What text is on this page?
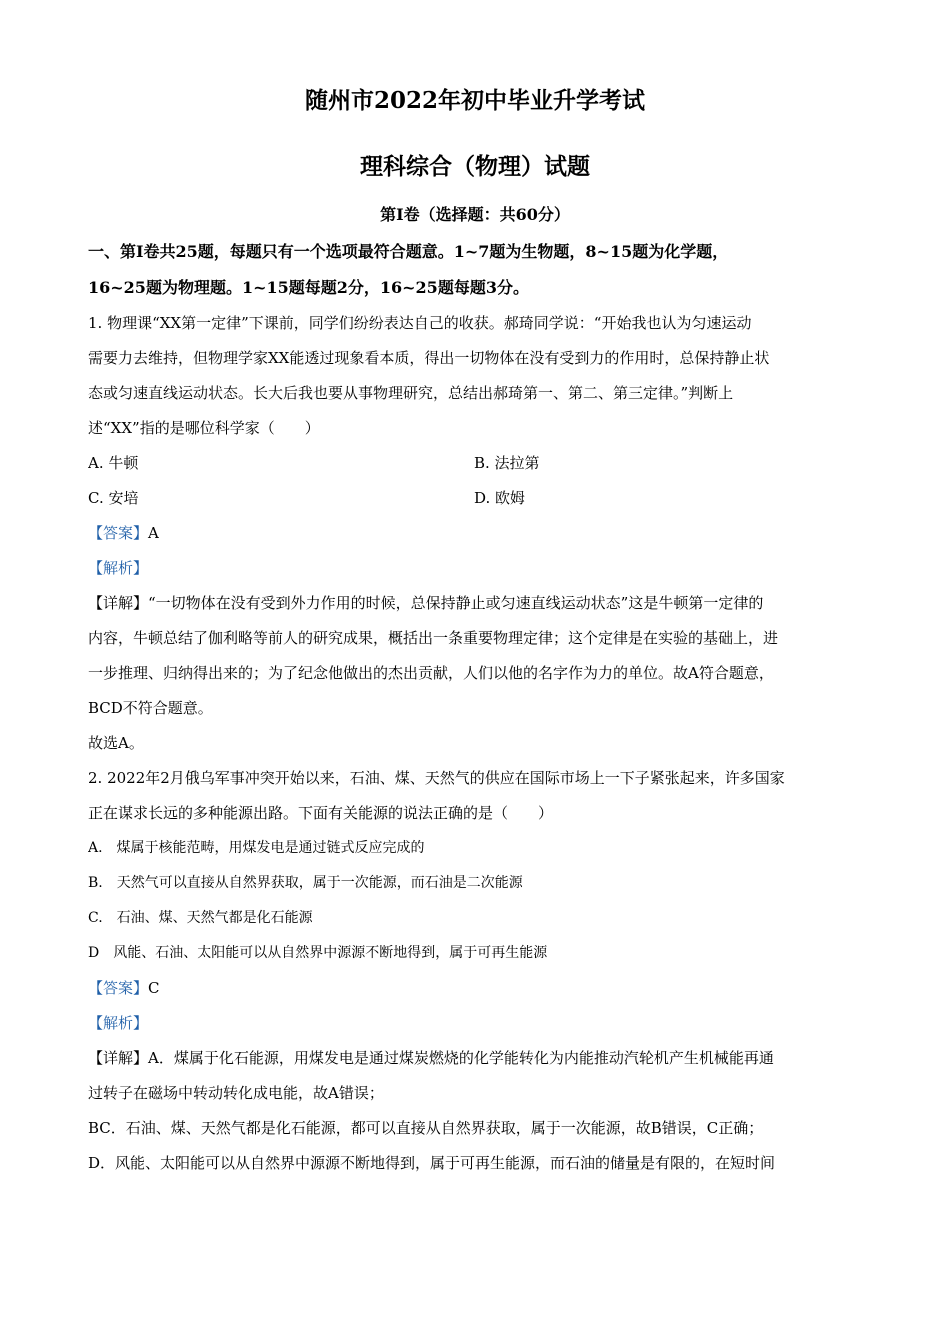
随州市2022年初中毕业升学考试
理科综合（物理）试题
第I卷（选择题：共60分）
一、第I卷共25题，每题只有一个选项最符合题意。1~7题为生物题，8~15题为化学题，
16~25题为物理题。1~15题每题2分，16~25题每题3分。
1. 物理课“XX第一定律”下课前，同学们纷纷表达自己的收获。郝琦同学说：“开始我也认为匀速运动
需要力去维持，但物理学家XX能透过现象看本质，得出一切物体在没有受到力的作用时，总保持静止状
态或匀速直线运动状态。长大后我也要从事物理研究，总结出郝琦第一、第二、第三定律。”判断上
述“XX”指的是哪位科学家（　　）
A. 牛顿	B. 法拉第
C. 安培	D. 欧姆
【答案】A
【解析】
【详解】“一切物体在没有受到外力作用的时候，总保持静止或匀速直线运动状态”这是牛顿第一定律的
内容，牛顿总结了伽利略等前人的研究成果，概括出一条重要物理定律；这个定律是在实验的基础上，进
一步推理、归纳得出来的；为了纪念他做出的杰出贡献，人们以他的名字作为力的单位。故A符合题意，
BCD不符合题意。
故选A。
2. 2022年2月俄乌军事冲突开始以来，石油、煤、天然气的供应在国际市场上一下子紧张起来，许多国家
正在谋求长远的多种能源出路。下面有关能源的说法正确的是（　　）
A.　煤属于核能范畴，用煤发电是通过链式反应完成的
B.　天然气可以直接从自然界获取，属于一次能源，而石油是二次能源
C.　石油、煤、天然气都是化石能源
D　风能、石油、太阳能可以从自然界中源源不断地得到，属于可再生能源
【答案】C
【解析】
【详解】A．煤属于化石能源，用煤发电是通过煤炭燃烧的化学能转化为内能推动汽轮机产生机械能再通
过转子在磁场中转动转化成电能，故A错误；
BC．石油、煤、天然气都是化石能源，都可以直接从自然界获取，属于一次能源，故B错误，C正确；
D．风能、太阳能可以从自然界中源源不断地得到，属于可再生能源，而石油的储量是有限的，在短时间
